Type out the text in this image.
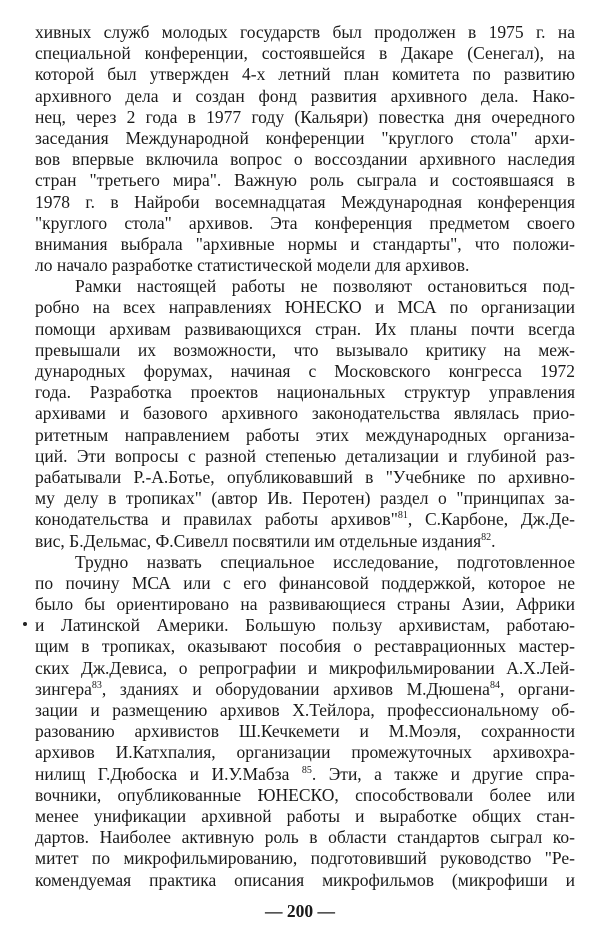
хивных служб молодых государств был продолжен в 1975 г. на
специальной конференции, состоявшейся в Дакаре (Сенегал), на
которой был утвержден 4-х летний план комитета по развитию
архивного дела и создан фонд развития архивного дела. Нако-
нец, через 2 года в 1977 году (Кальяри) повестка дня очередного
заседания Международной конференции "круглого стола" архи-
вов впервые включила вопрос о воссоздании архивного наследия
стран "третьего мира". Важную роль сыграла и состоявшаяся в
1978 г. в Найроби восемнадцатая Международная конференция
"круглого стола" архивов. Эта конференция предметом своего
внимания выбрала "архивные нормы и стандарты", что положи-
ло начало разработке статистической модели для архивов.
Рамки настоящей работы не позволяют остановиться под-
робно на всех направлениях ЮНЕСКО и МСА по организации
помощи архивам развивающихся стран. Их планы почти всегда
превышали их возможности, что вызывало критику на меж-
дународных форумах, начиная с Московского конгресса 1972
года. Разработка проектов национальных структур управления
архивами и базового архивного законодательства являлась прио-
ритетным направлением работы этих международных организа-
ций. Эти вопросы с разной степенью детализации и глубиной раз-
рабатывали Р.-А.Ботье, опубликовавший в "Учебнике по архивно-
му делу в тропиках" (автор Ив. Перотен) раздел о "принципах за-
конодательства и правилах работы архивов"$^{81}$, С.Карбоне, Дж.Де-
вис, Б.Дельмас, Ф.Сивелл посвятили им отдельные издания$^{82}$.
Трудно назвать специальное исследование, подготовленное
по почину МСА или с его финансовой поддержкой, которое не
было бы ориентировано на развивающиеся страны Азии, Африки
и Латинской Америки. Большую пользу архивистам, работаю-
щим в тропиках, оказывают пособия о реставрационных мастер-
ских Дж.Девиса, о репрографии и микрофильмировании А.Х.Лей-
зингера$^{83}$, зданиях и оборудовании архивов М.Дюшена$^{84}$, органи-
зации и размещению архивов Х.Тейлора, профессиональному об-
разованию архивистов Ш.Кечкемети и М.Моэля, сохранности
архивов И.Катхпалия, организации промежуточных архивохра-
нилищ Г.Дюбоска и И.У.Мабза $^{85}$. Эти, а также и другие спра-
вочники, опубликованные ЮНЕСКО, способствовали более или
менее унификации архивной работы и выработке общих стан-
дартов. Наиболее активную роль в области стандартов сыграл ко-
митет по микрофильмированию, подготовивший руководство "Ре-
комендуемая практика описания микрофильмов (микрофиши и
— 200 —
